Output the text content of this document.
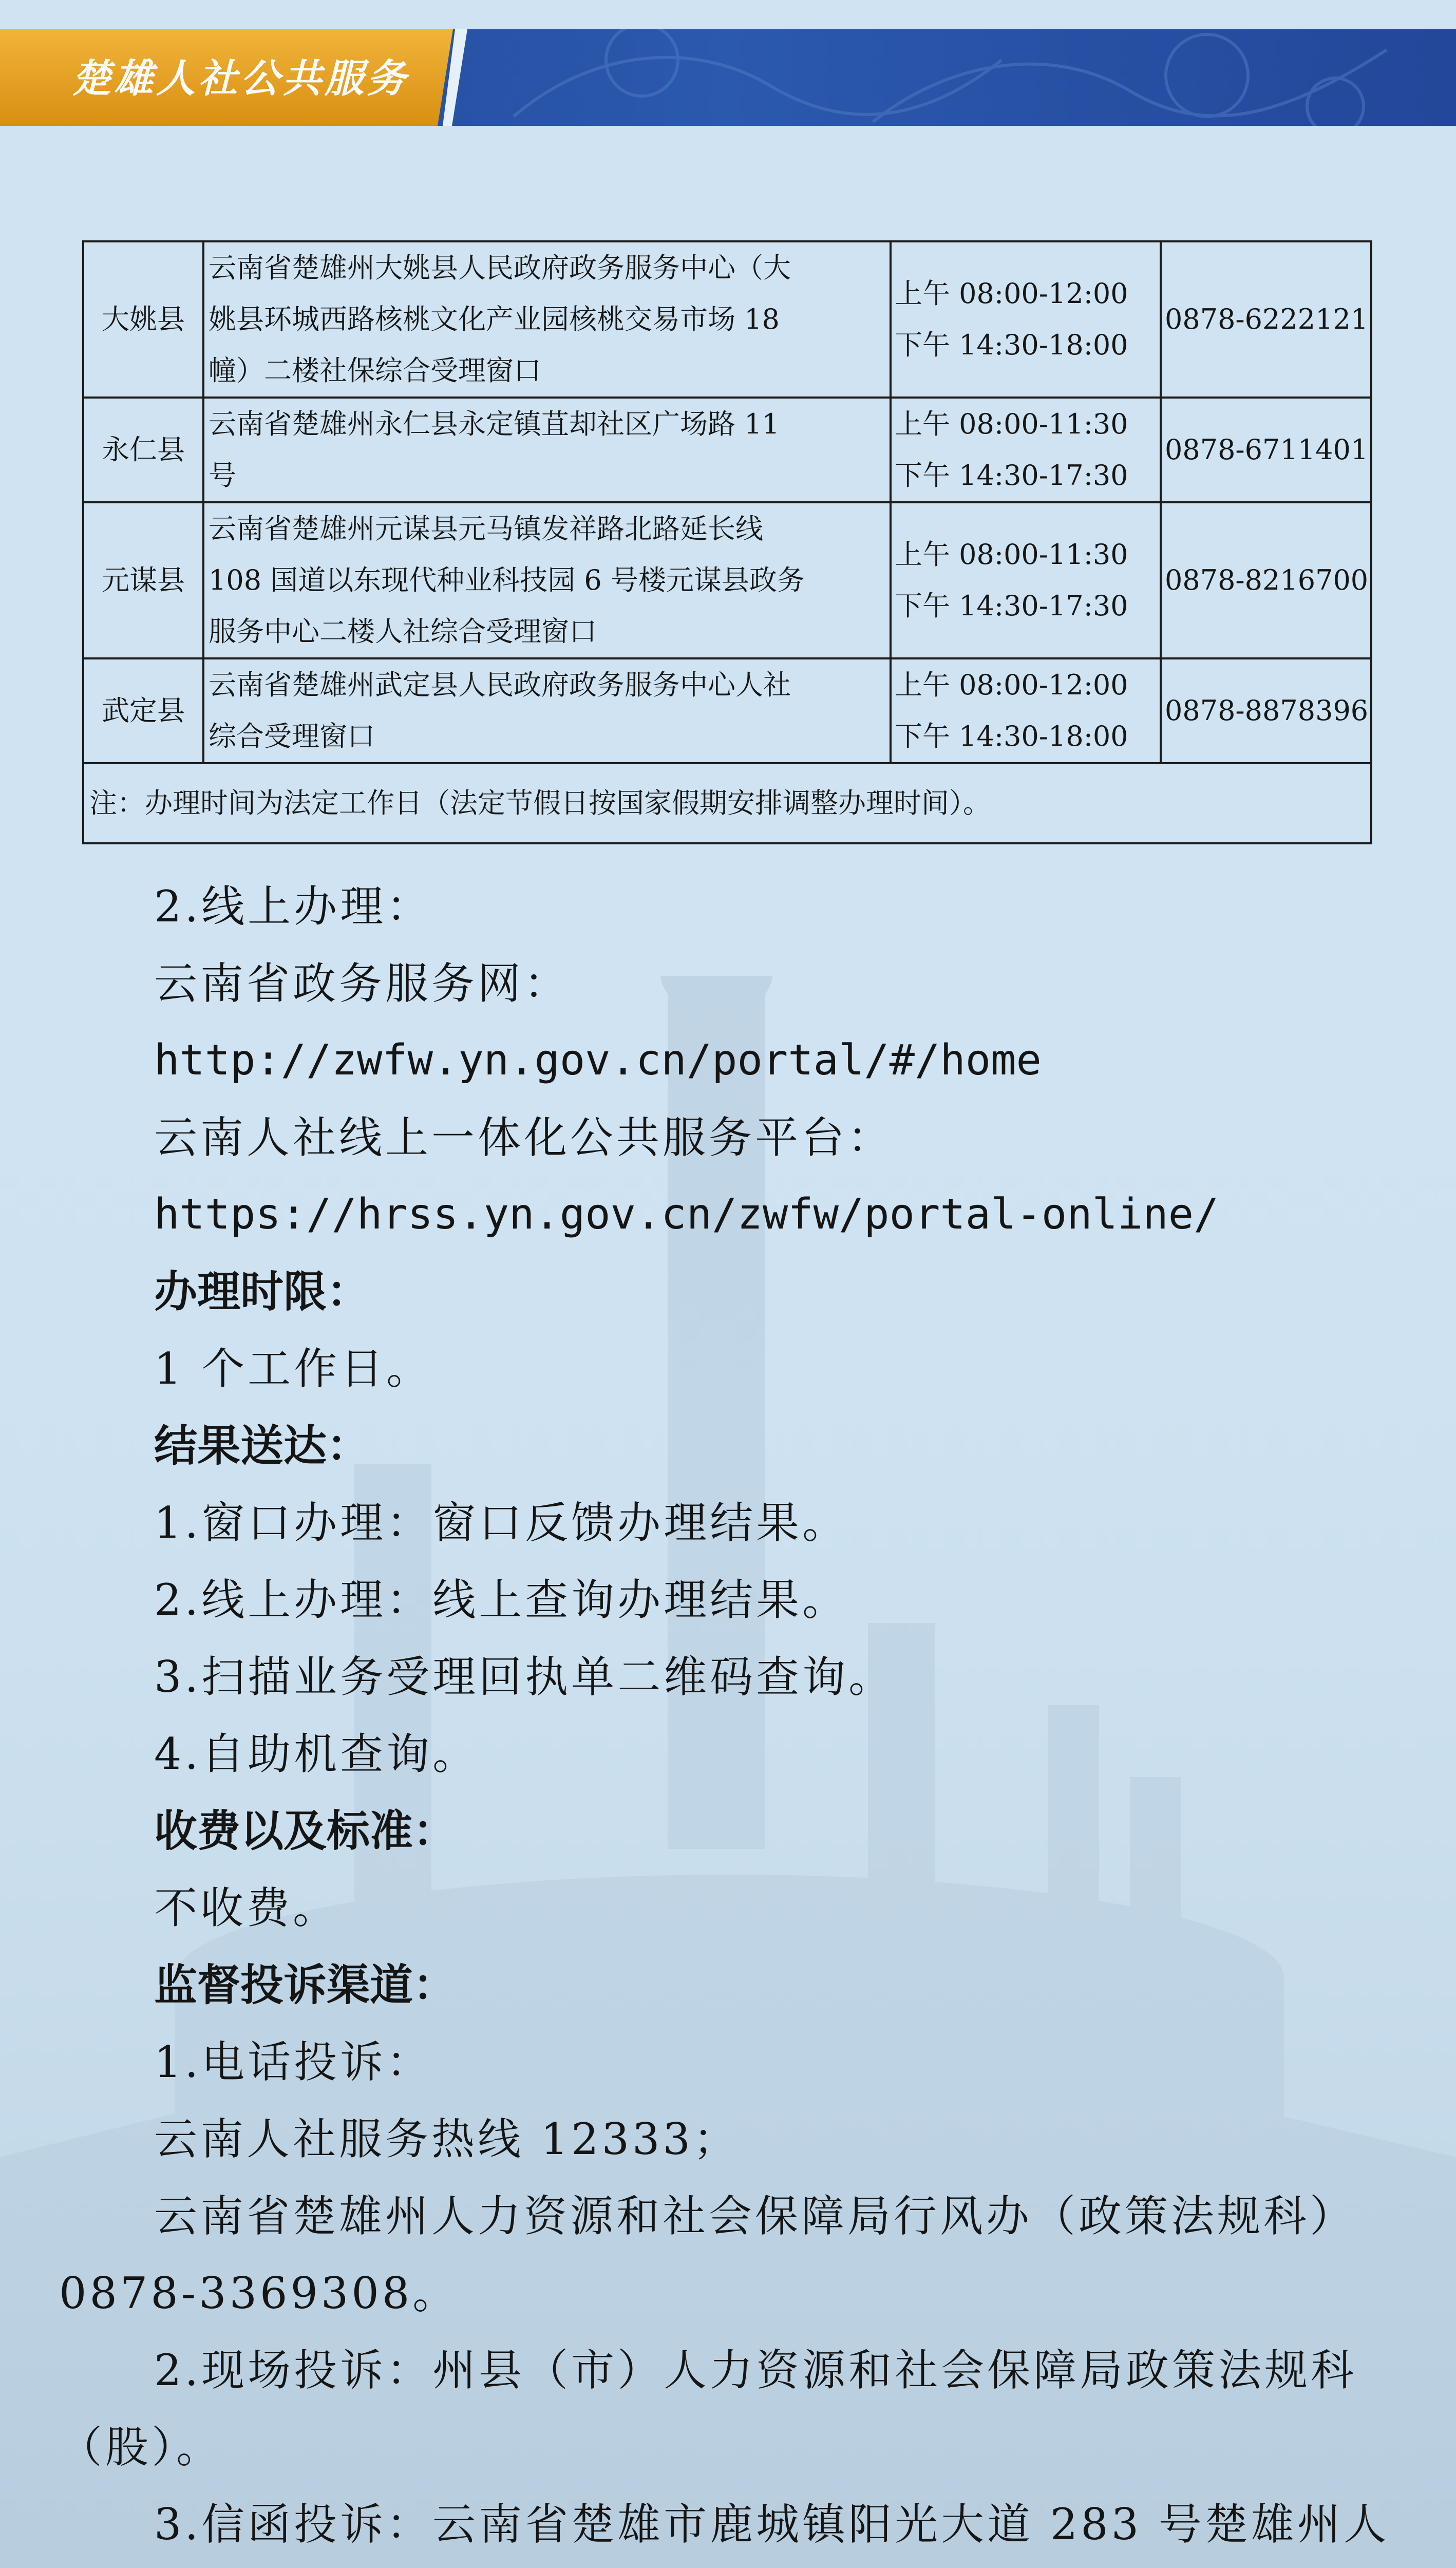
楚雄人社公共服务
大姚县	云南省楚雄州大姚县人民政府政务服务中心（大
姚县环城西路核桃文化产业园核桃交易市场 18
幢）二楼社保综合受理窗口	上午 08:00-12:00
下午 14:30-18:00	0878-6222121
永仁县	云南省楚雄州永仁县永定镇苴却社区广场路 11
号	上午 08:00-11:30
下午 14:30-17:30	0878-6711401
元谋县	云南省楚雄州元谋县元马镇发祥路北路延长线
108 国道以东现代种业科技园 6 号楼元谋县政务
服务中心二楼人社综合受理窗口	上午 08:00-11:30
下午 14:30-17:30	0878-8216700
武定县	云南省楚雄州武定县人民政府政务服务中心人社
综合受理窗口	上午 08:00-12:00
下午 14:30-18:00	0878-8878396
注：办理时间为法定工作日（法定节假日按国家假期安排调整办理时间）。			
2.线上办理：
云南省政务服务网：
http://zwfw.yn.gov.cn/portal/#/home
云南人社线上一体化公共服务平台：
https://hrss.yn.gov.cn/zwfw/portal-online/
办理时限：
1 个工作日。
结果送达：
1.窗口办理：窗口反馈办理结果。
2.线上办理：线上查询办理结果。
3.扫描业务受理回执单二维码查询。
4.自助机查询。
收费以及标准：
不收费。
监督投诉渠道：
1.电话投诉：
云南人社服务热线 12333；
云南省楚雄州人力资源和社会保障局行风办（政策法规科）
0878-3369308。
2.现场投诉：州县（市）人力资源和社会保障局政策法规科
（股）。
3.信函投诉：云南省楚雄市鹿城镇阳光大道 283 号楚雄州人
